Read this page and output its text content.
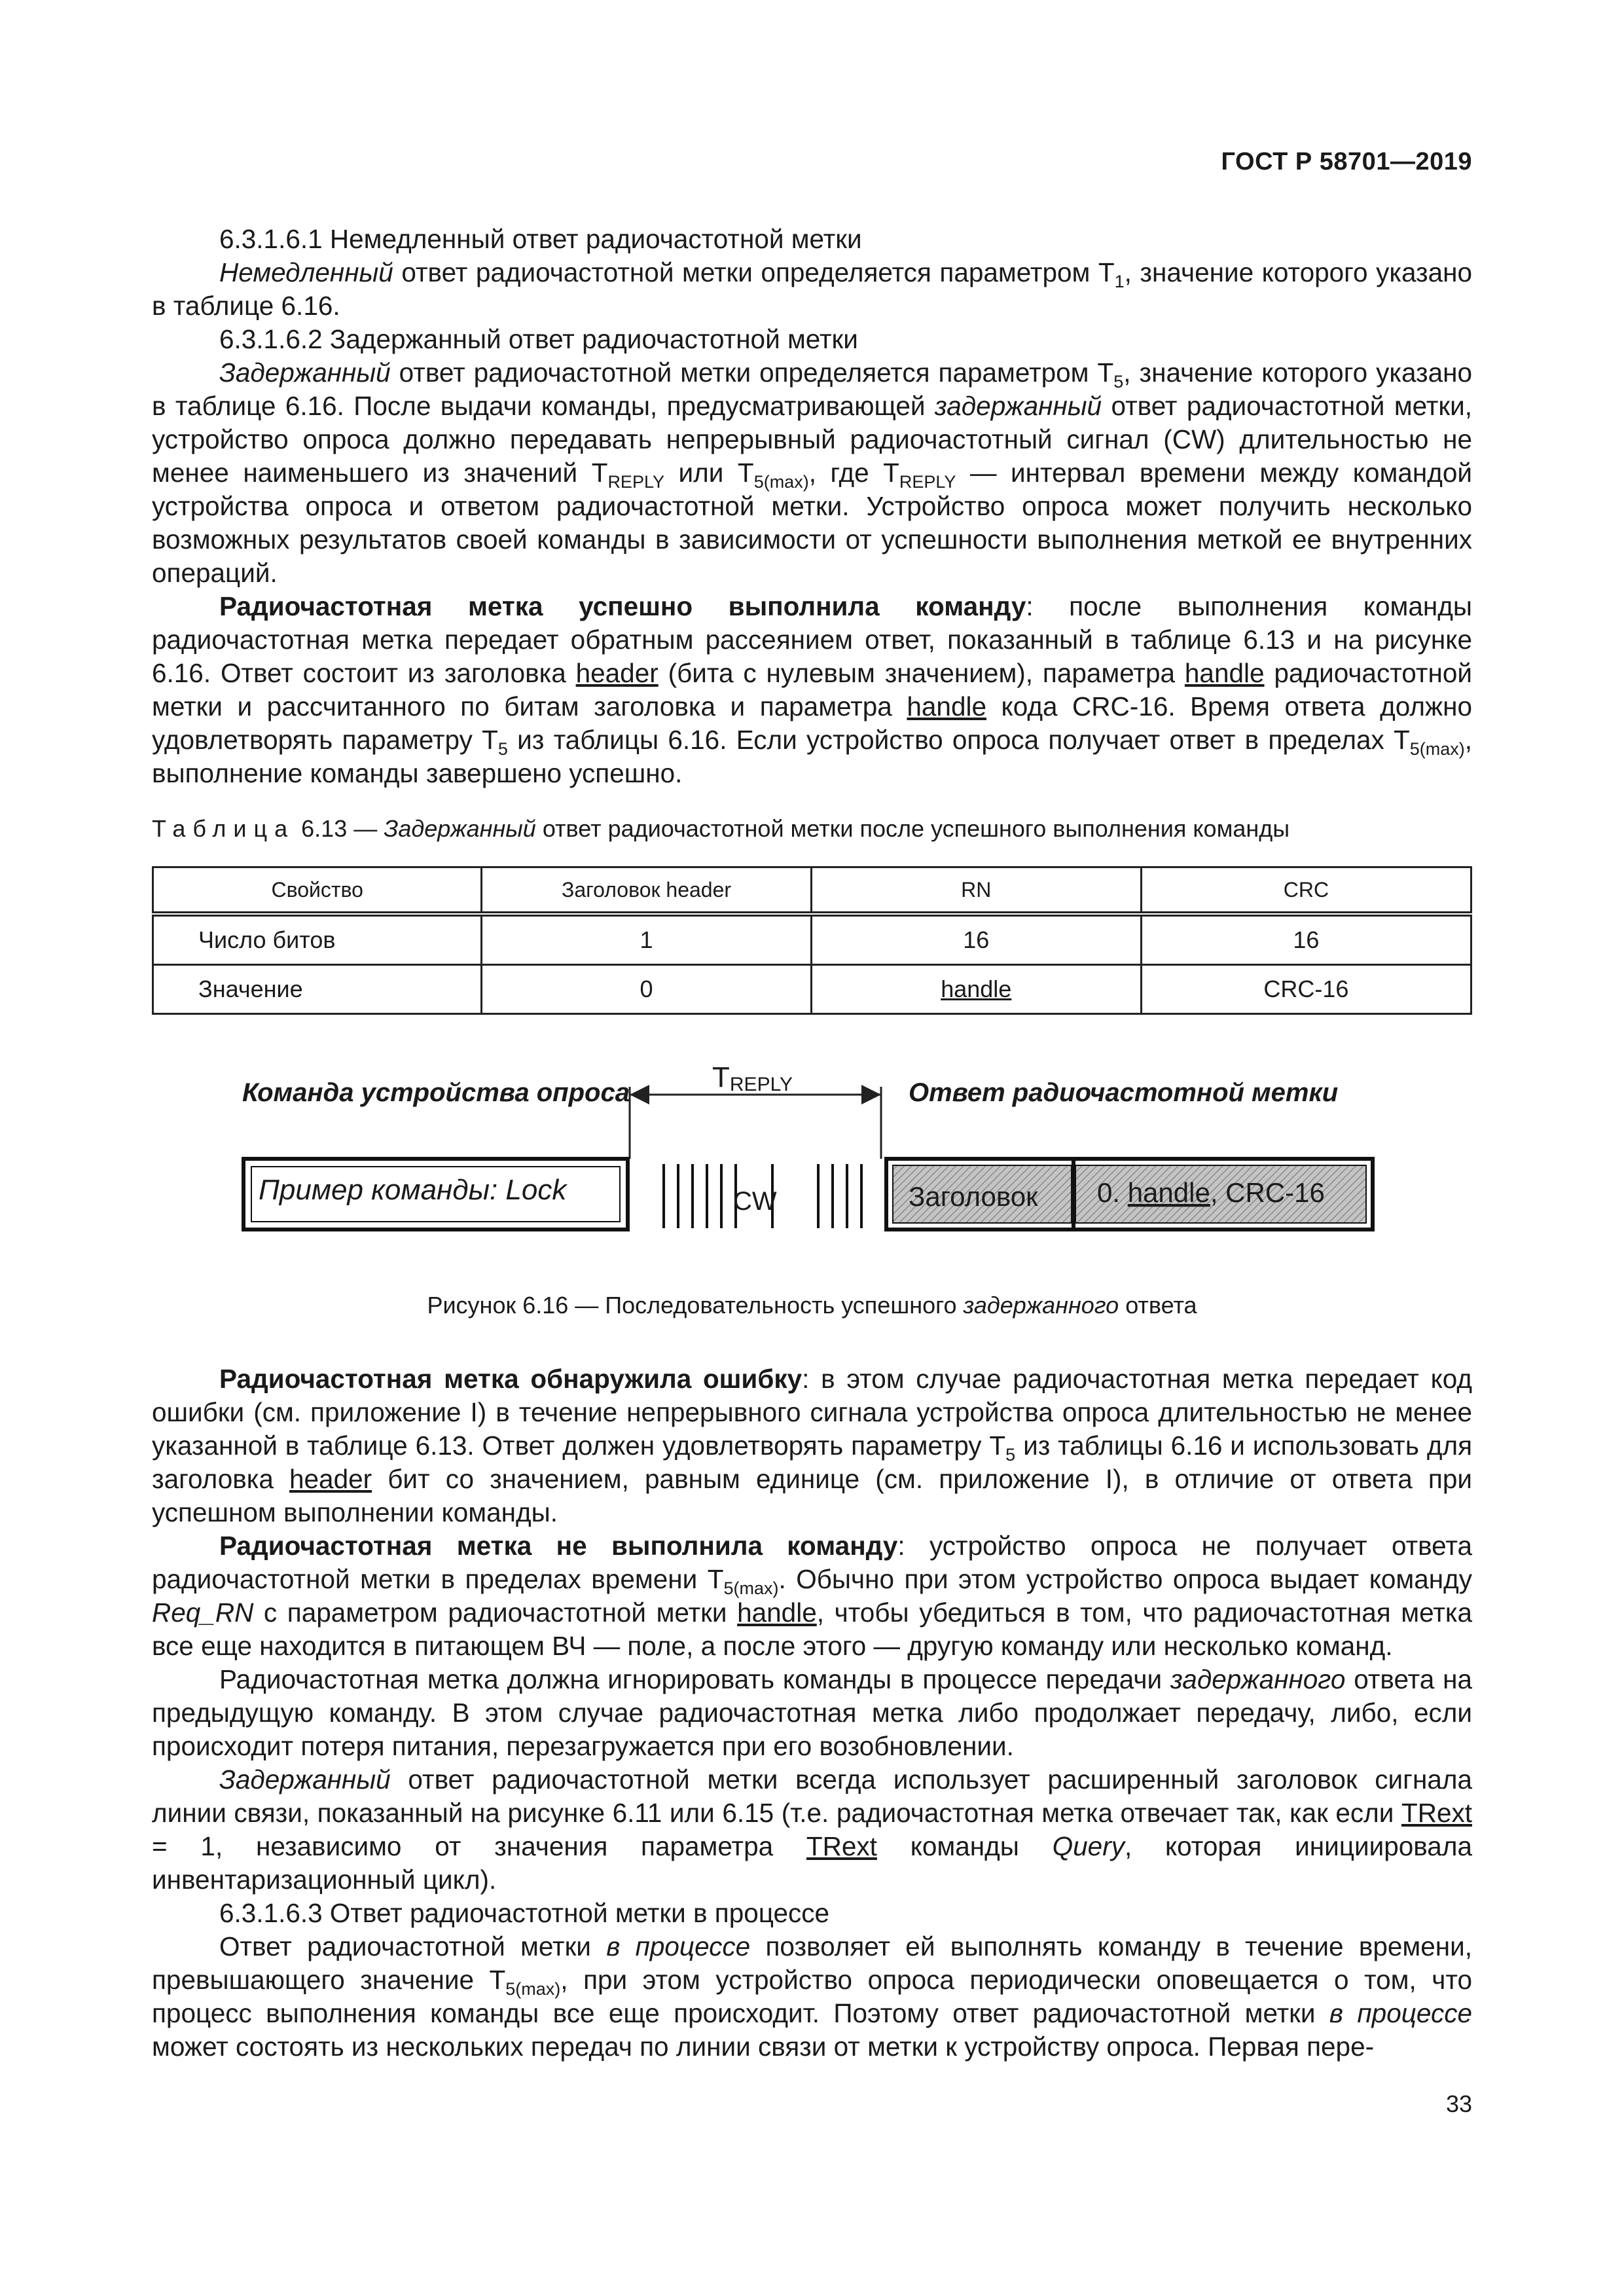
ГОСТ Р 58701—2019

6.3.1.6.1 Немедленный ответ радиочастотной метки

Немедленный ответ радиочастотной метки определяется параметром $T_1$, значение которого указано в таблице 6.16.

6.3.1.6.2 Задержанный ответ радиочастотной метки

Задержанный ответ радиочастотной метки определяется параметром $T_5$, значение которого указано в таблице 6.16. После выдачи команды, предусматривающей задержанный ответ радиочастотной метки, устройство опроса должно передавать непрерывный радиочастотный сигнал (CW) длительностью не менее наименьшего из значений $T_{REPLY}$ или $T_{5(max)}$, где $T_{REPLY}$ — интервал времени между командой устройства опроса и ответом радиочастотной метки. Устройство опроса может получить несколько возможных результатов своей команды в зависимости от успешности выполнения меткой ее внутренних операций.

Радиочастотная метка успешно выполнила команду: после выполнения команды радиочастотная метка передает обратным рассеянием ответ, показанный в таблице 6.13 и на рисунке 6.16. Ответ состоит из заголовка header (бита с нулевым значением), параметра handle радиочастотной метки и рассчитанного по битам заголовка и параметра handle кода CRC-16. Время ответа должно удовлетворять параметру $T_5$ из таблицы 6.16. Если устройство опроса получает ответ в пределах $T_{5(max)}$, выполнение команды завершено успешно.

Таблица 6.13 — Задержанный ответ радиочастотной метки после успешного выполнения команды
Свойство	Заголовок header	RN	CRC
Число битов	1	16	16
Значение	0	handle	CRC-16
Команда устройства опроса	Ответ радиочастотной метки
TREPLY
Пример команды: Lock	CW	Заголовок 0. handle, CRC-16
Рисунок 6.16 — Последовательность успешного задержанного ответа

Радиочастотная метка обнаружила ошибку: в этом случае радиочастотная метка передает код ошибки (см. приложение I) в течение непрерывного сигнала устройства опроса длительностью не менее указанной в таблице 6.13. Ответ должен удовлетворять параметру $T_5$ из таблицы 6.16 и использовать для заголовка header бит со значением, равным единице (см. приложение I), в отличие от ответа при успешном выполнении команды.

Радиочастотная метка не выполнила команду: устройство опроса не получает ответа радиочастотной метки в пределах времени $T_{5(max)}$. Обычно при этом устройство опроса выдает команду Req_RN с параметром радиочастотной метки handle, чтобы убедиться в том, что радиочастотная метка все еще находится в питающем ВЧ — поле, а после этого — другую команду или несколько команд.

Радиочастотная метка должна игнорировать команды в процессе передачи задержанного ответа на предыдущую команду. В этом случае радиочастотная метка либо продолжает передачу, либо, если происходит потеря питания, перезагружается при его возобновлении.

Задержанный ответ радиочастотной метки всегда использует расширенный заголовок сигнала линии связи, показанный на рисунке 6.11 или 6.15 (т.е. радиочастотная метка отвечает так, как если TRext = 1, независимо от значения параметра TRext команды Query, которая инициировала инвентаризационный цикл).

6.3.1.6.3 Ответ радиочастотной метки в процессе

Ответ радиочастотной метки в процессе позволяет ей выполнять команду в течение времени, превышающего значение $T_{5(max)}$, при этом устройство опроса периодически оповещается о том, что процесс выполнения команды все еще происходит. Поэтому ответ радиочастотной метки в процессе может состоять из нескольких передач по линии связи от метки к устройству опроса. Первая пере-

33
